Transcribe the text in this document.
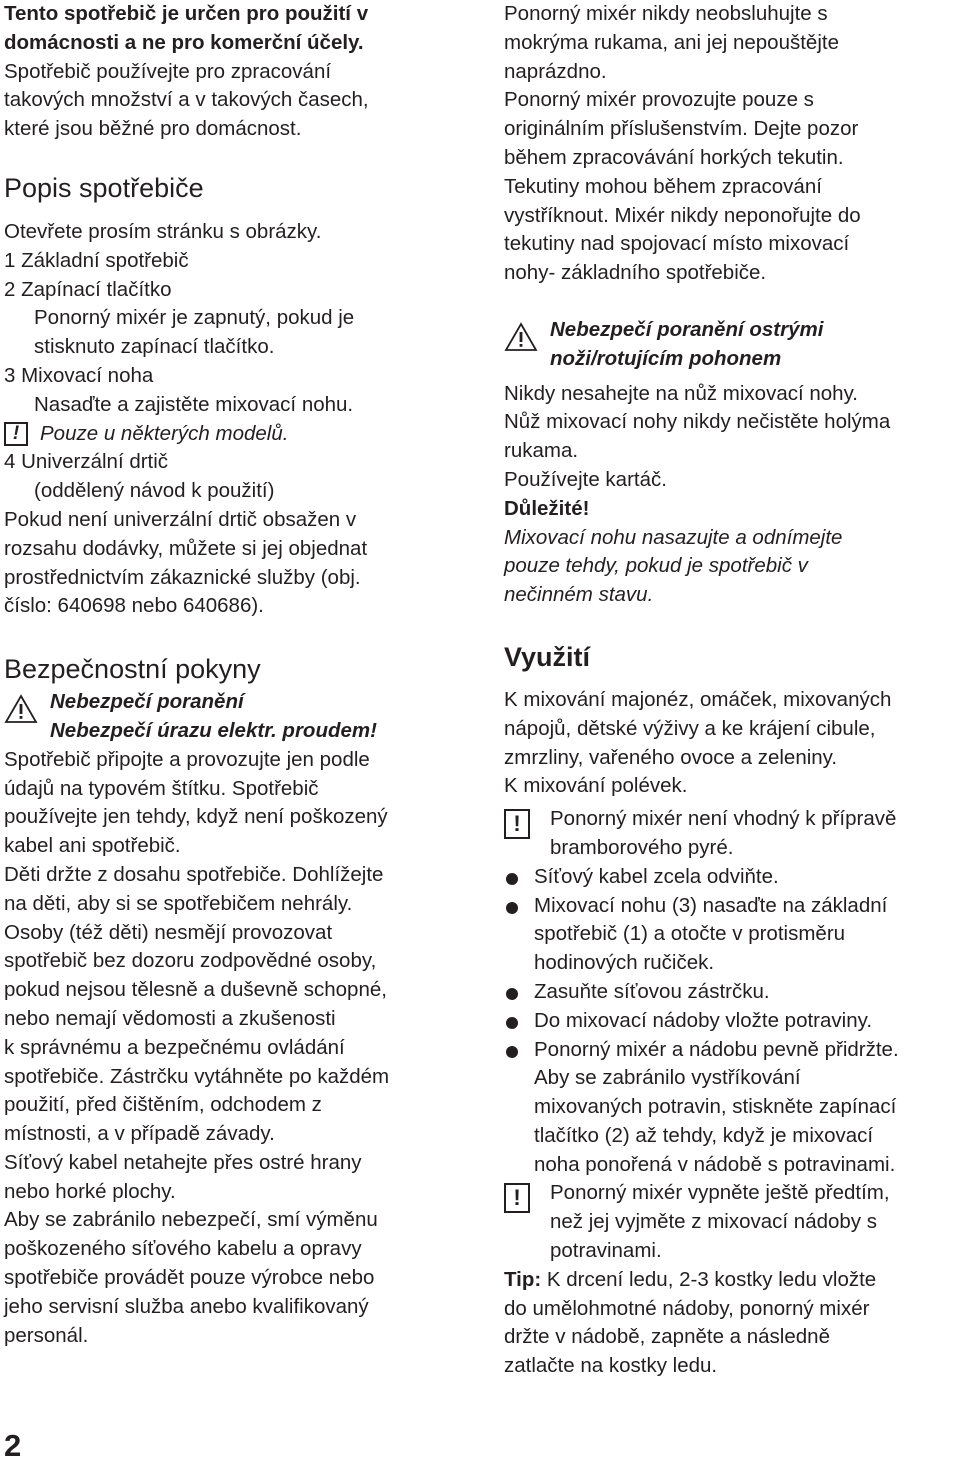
Tento spotřebič je určen pro použití v
domácnosti a ne pro komerční účely.

Spotřebič používejte pro zpracování
takových množství a v takových časech,
které jsou běžné pro domácnost.

Popis spotřebiče

Otevřete prosím stránku s obrázky.

1 Základní spotřebič

2 Zapínací tlačítko

Ponorný mixér je zapnutý, pokud je
stisknuto zapínací tlačítko.

3 Mixovací noha

Nasaďte a zajistěte mixovací nohu.

!	Pouze u některých modelů.

4 Univerzální drtič

(oddělený návod k použití)

Pokud není univerzální drtič obsažen v
rozsahu dodávky, můžete si jej objednat
prostřednictvím zákaznické služby (obj.
číslo: 640698 nebo 640686).

Bezpečnostní pokyny

Nebezpečí poranění
Nebezpečí úrazu elektr. proudem!

Spotřebič připojte a provozujte jen podle
údajů na typovém štítku. Spotřebič
používejte jen tehdy, když není poškozený
kabel ani spotřebič.
Děti držte z dosahu spotřebiče. Dohlížejte
na děti, aby si se spotřebičem nehrály.
Osoby (též děti) nesmějí provozovat
spotřebič bez dozoru zodpovědné osoby,
pokud nejsou tělesně a duševně schopné,
nebo nemají vědomosti a zkušenosti
k správnému a bezpečnému ovládání
spotřebiče. Zástrčku vytáhněte po každém
použití, před čištěním, odchodem z
místnosti, a v případě závady.
Síťový kabel netahejte přes ostré hrany
nebo horké plochy.
Aby se zabránilo nebezpečí, smí výměnu
poškozeného síťového kabelu a opravy
spotřebiče provádět pouze výrobce nebo
jeho servisní služba anebo kvalifikovaný
personál.

Ponorný mixér nikdy neobsluhujte s
mokrýma rukama, ani jej nepouštějte
naprázdno.
Ponorný mixér provozujte pouze s
originálním příslušenstvím. Dejte pozor
během zpracovávání horkých tekutin.
Tekutiny mohou během zpracování
vystříknout. Mixér nikdy neponořujte do
tekutiny nad spojovací místo mixovací
nohy- základního spotřebiče.

Nebezpečí poranění ostrými
noži/rotujícím pohonem

Nikdy nesahejte na nůž mixovací nohy.
Nůž mixovací nohy nikdy nečistěte holýma
rukama.
Používejte kartáč.

Důležité!

Mixovací nohu nasazujte a odnímejte
pouze tehdy, pokud je spotřebič v
nečinném stavu.

Využití

K mixování majonéz, omáček, mixovaných
nápojů, dětské výživy a ke krájení cibule,
zmrzliny, vařeného ovoce a zeleniny.
K mixování polévek.

!	Ponorný mixér není vhodný k přípravě
bramborového pyré.

Síťový kabel zcela odviňte.

Mixovací nohu (3) nasaďte na základní
spotřebič (1) a otočte v protisměru
hodinových ručiček.

Zasuňte síťovou zástrčku.

Do mixovací nádoby vložte potraviny.

Ponorný mixér a nádobu pevně přidržte.
Aby se zabránilo vystříkování
mixovaných potravin, stiskněte zapínací
tlačítko (2) až tehdy, když je mixovací
noha ponořená v nádobě s potravinami.

!	Ponorný mixér vypněte ještě předtím,
než jej vyjměte z mixovací nádoby s
potravinami.

Tip: K drcení ledu, 2-3 kostky ledu vložte
do umělohmotné nádoby, ponorný mixér
držte v nádobě, zapněte a následně
zatlačte na kostky ledu.

2
